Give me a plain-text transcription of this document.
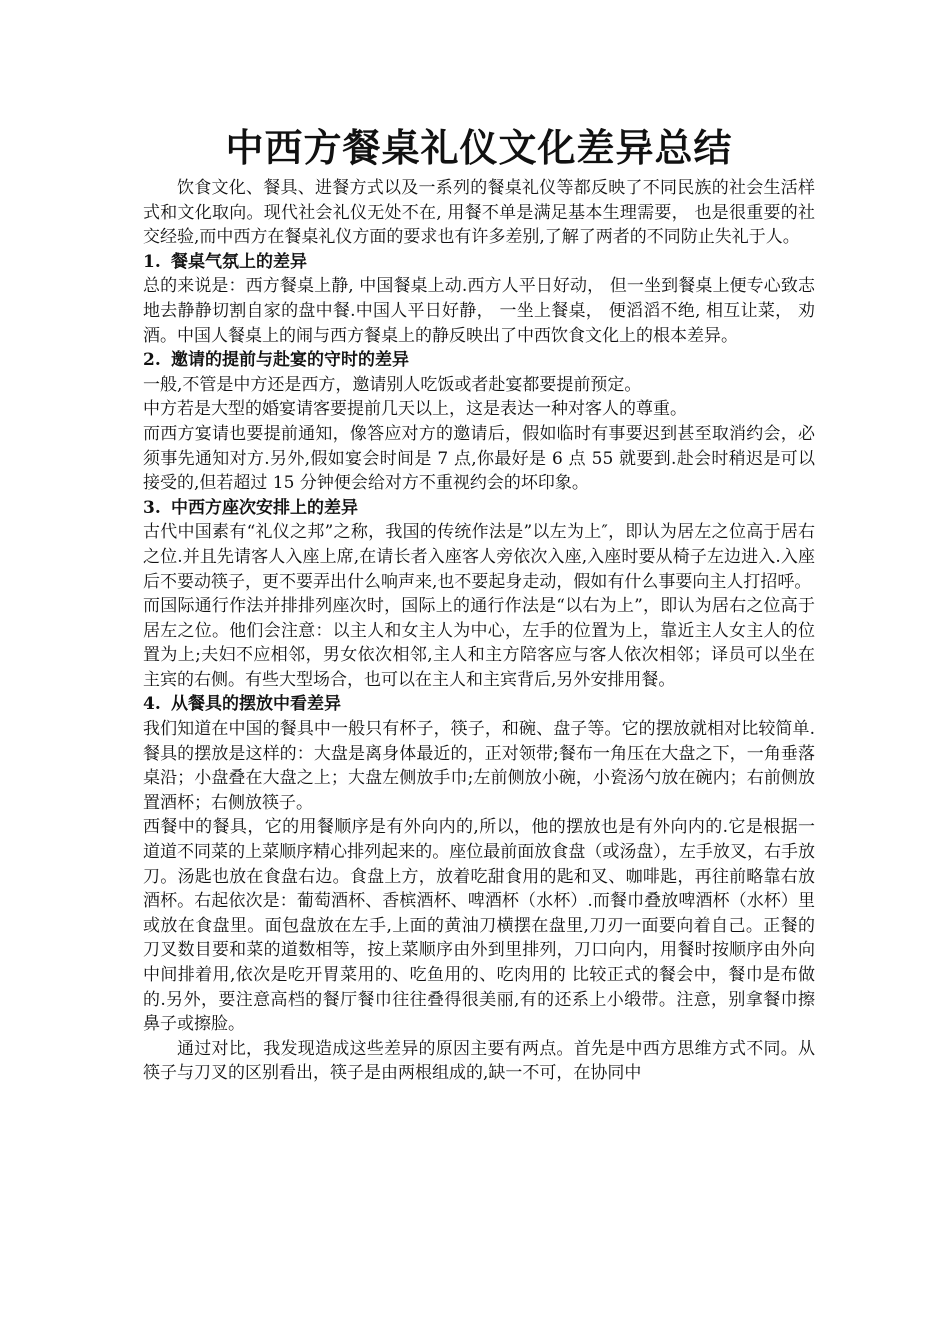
中西方餐桌礼仪文化差异总结

饮食文化、餐具、进餐方式以及一系列的餐桌礼仪等都反映了不同民族的社会生活样式和文化取向。现代社会礼仪无处不在, 用餐不单是满足基本生理需要， 也是很重要的社交经验,而中西方在餐桌礼仪方面的要求也有许多差别,了解了两者的不同防止失礼于人。

1. 餐桌气氛上的差异

总的来说是：西方餐桌上静, 中国餐桌上动.西方人平日好动， 但一坐到餐桌上便专心致志地去静静切割自家的盘中餐.中国人平日好静， 一坐上餐桌， 便滔滔不绝, 相互让菜， 劝酒。中国人餐桌上的闹与西方餐桌上的静反映出了中西饮食文化上的根本差异。

2. 邀请的提前与赴宴的守时的差异

一般,不管是中方还是西方，邀请别人吃饭或者赴宴都要提前预定。

中方若是大型的婚宴请客要提前几天以上，这是表达一种对客人的尊重。

而西方宴请也要提前通知，像答应对方的邀请后，假如临时有事要迟到甚至取消约会，必须事先通知对方.另外,假如宴会时间是 7 点,你最好是 6 点 55 就要到.赴会时稍迟是可以接受的,但若超过 15 分钟便会给对方不重视约会的坏印象。

3. 中西方座次安排上的差异

古代中国素有“礼仪之邦”之称，我国的传统作法是”以左为上″，即认为居左之位高于居右之位.并且先请客人入座上席,在请长者入座客人旁依次入座,入座时要从椅子左边进入.入座后不要动筷子，更不要弄出什么响声来,也不要起身走动，假如有什么事要向主人打招呼。

而国际通行作法并排排列座次时，国际上的通行作法是“以右为上”，即认为居右之位高于居左之位。他们会注意：以主人和女主人为中心，左手的位置为上，靠近主人女主人的位置为上;夫妇不应相邻，男女依次相邻,主人和主方陪客应与客人依次相邻；译员可以坐在主宾的右侧。有些大型场合，也可以在主人和主宾背后,另外安排用餐。

4. 从餐具的摆放中看差异

我们知道在中国的餐具中一般只有杯子，筷子，和碗、盘子等。它的摆放就相对比较简单.餐具的摆放是这样的：大盘是离身体最近的，正对领带;餐布一角压在大盘之下，一角垂落桌沿；小盘叠在大盘之上；大盘左侧放手巾;左前侧放小碗，小瓷汤勺放在碗内；右前侧放置酒杯；右侧放筷子。

西餐中的餐具，它的用餐顺序是有外向内的,所以，他的摆放也是有外向内的.它是根据一道道不同菜的上菜顺序精心排列起来的。座位最前面放食盘（或汤盘），左手放叉，右手放刀。汤匙也放在食盘右边。食盘上方，放着吃甜食用的匙和叉、咖啡匙，再往前略靠右放酒杯。右起依次是：葡萄酒杯、香槟酒杯、啤酒杯（水杯）.而餐巾叠放啤酒杯（水杯）里或放在食盘里。面包盘放在左手,上面的黄油刀横摆在盘里,刀刃一面要向着自己。正餐的刀叉数目要和菜的道数相等，按上菜顺序由外到里排列，刀口向内，用餐时按顺序由外向中间排着用,依次是吃开胃菜用的、吃鱼用的、吃肉用的 比较正式的餐会中，餐巾是布做的.另外，要注意高档的餐厅餐巾往往叠得很美丽,有的还系上小缎带。注意，别拿餐巾擦鼻子或擦脸。

通过对比，我发现造成这些差异的原因主要有两点。首先是中西方思维方式不同。从筷子与刀叉的区别看出，筷子是由两根组成的,缺一不可，在协同中
